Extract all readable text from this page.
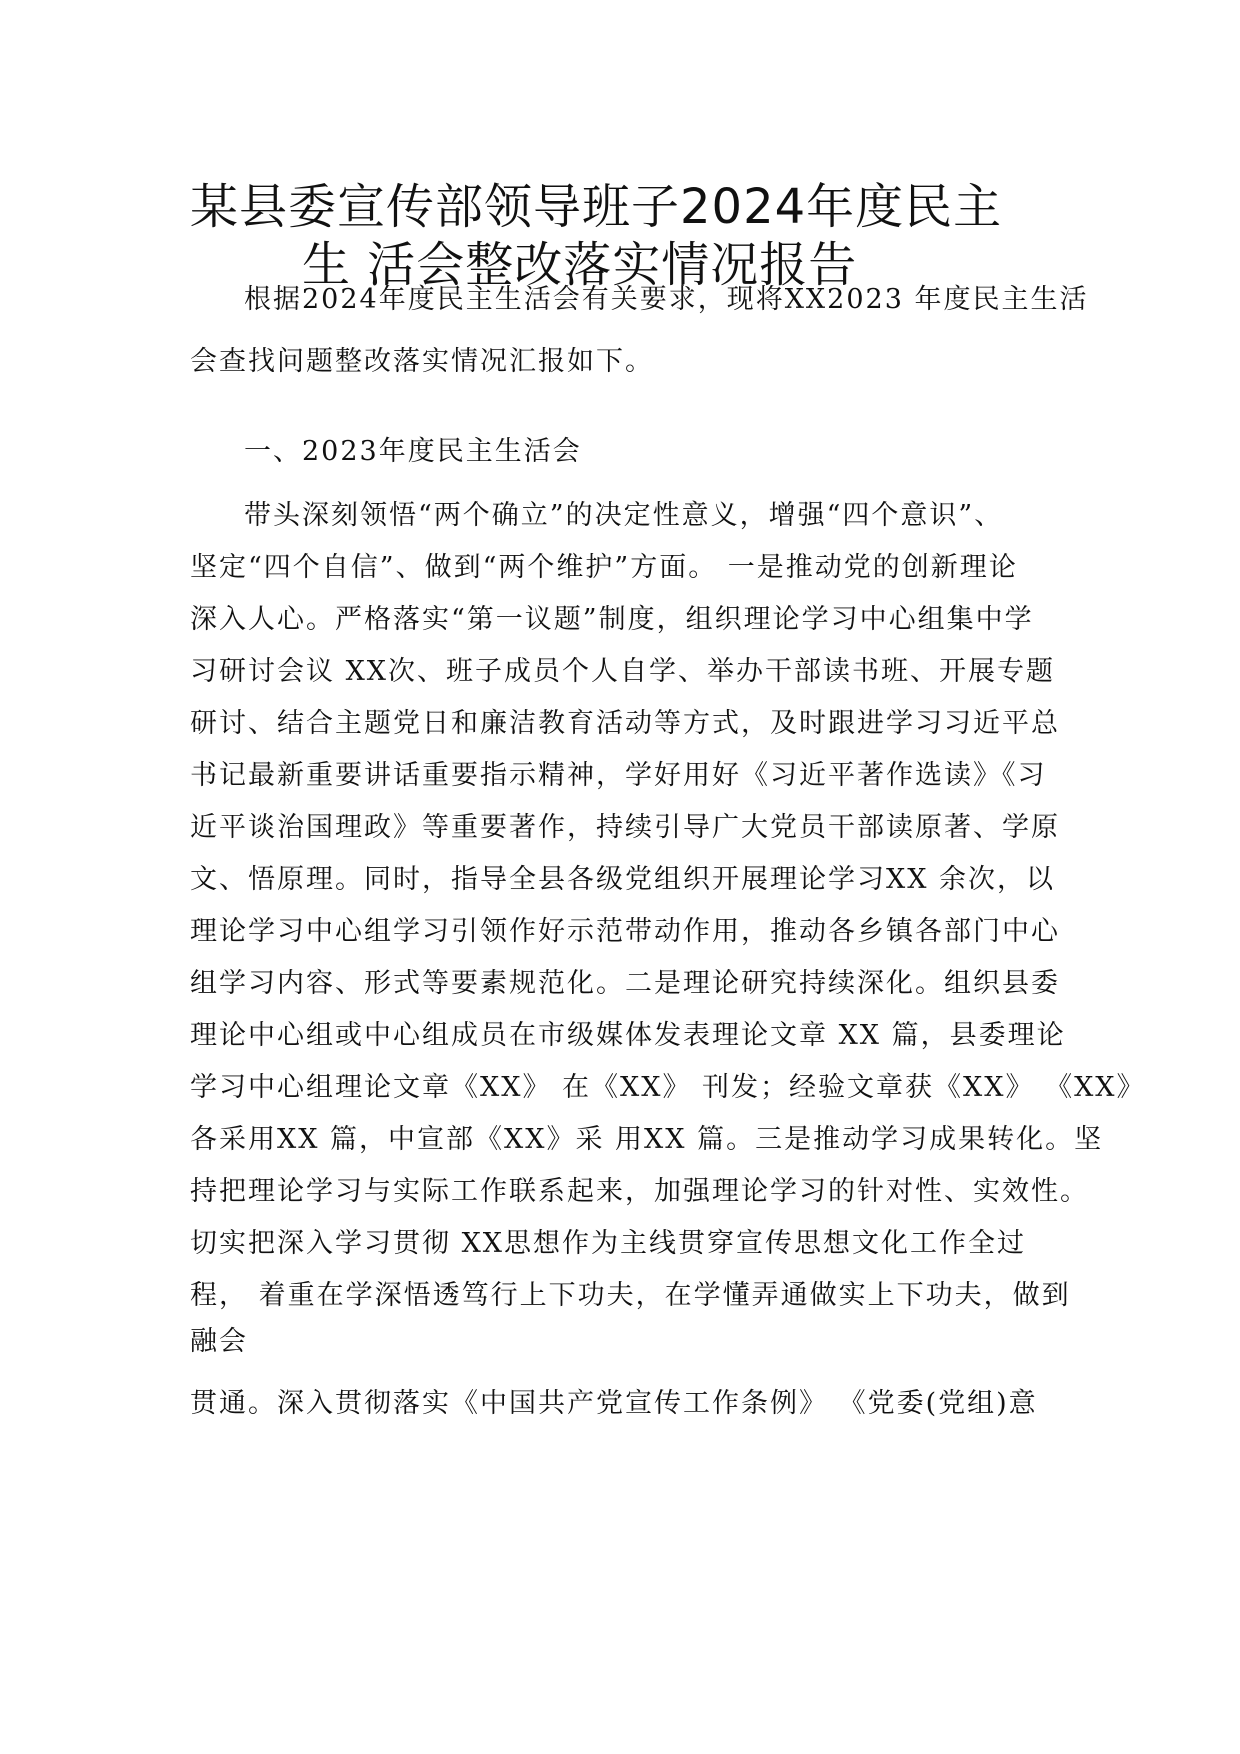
某县委宣传部领导班子2024年度民主
生 活会整改落实情况报告
根据2024年度民主生活会有关要求，现将XX2023 年度民主生活
会查找问题整改落实情况汇报如下。
一、2023年度民主生活会
带头深刻领悟“两个确立”的决定性意义，增强“四个意识”、
坚定“四个自信”、做到“两个维护”方面。 一是推动党的创新理论
深入人心。严格落实“第一议题”制度，组织理论学习中心组集中学
习研讨会议 XX次、班子成员个人自学、举办干部读书班、开展专题
研讨、结合主题党日和廉洁教育活动等方式，及时跟进学习习近平总
书记最新重要讲话重要指示精神，学好用好《习近平著作选读》《习
近平谈治国理政》等重要著作，持续引导广大党员干部读原著、学原
文、悟原理。同时，指导全县各级党组织开展理论学习XX 余次，以
理论学习中心组学习引领作好示范带动作用，推动各乡镇各部门中心
组学习内容、形式等要素规范化。二是理论研究持续深化。组织县委
理论中心组或中心组成员在市级媒体发表理论文章 XX 篇，县委理论
学习中心组理论文章《XX》 在《XX》 刊发；经验文章获《XX》 《XX》
各采用XX 篇，中宣部《XX》采 用XX 篇。三是推动学习成果转化。坚
持把理论学习与实际工作联系起来，加强理论学习的针对性、实效性。
切实把深入学习贯彻 XX思想作为主线贯穿宣传思想文化工作全过
程， 着重在学深悟透笃行上下功夫，在学懂弄通做实上下功夫，做到
融会
贯通。深入贯彻落实《中国共产党宣传工作条例》 《党委(党组)意
